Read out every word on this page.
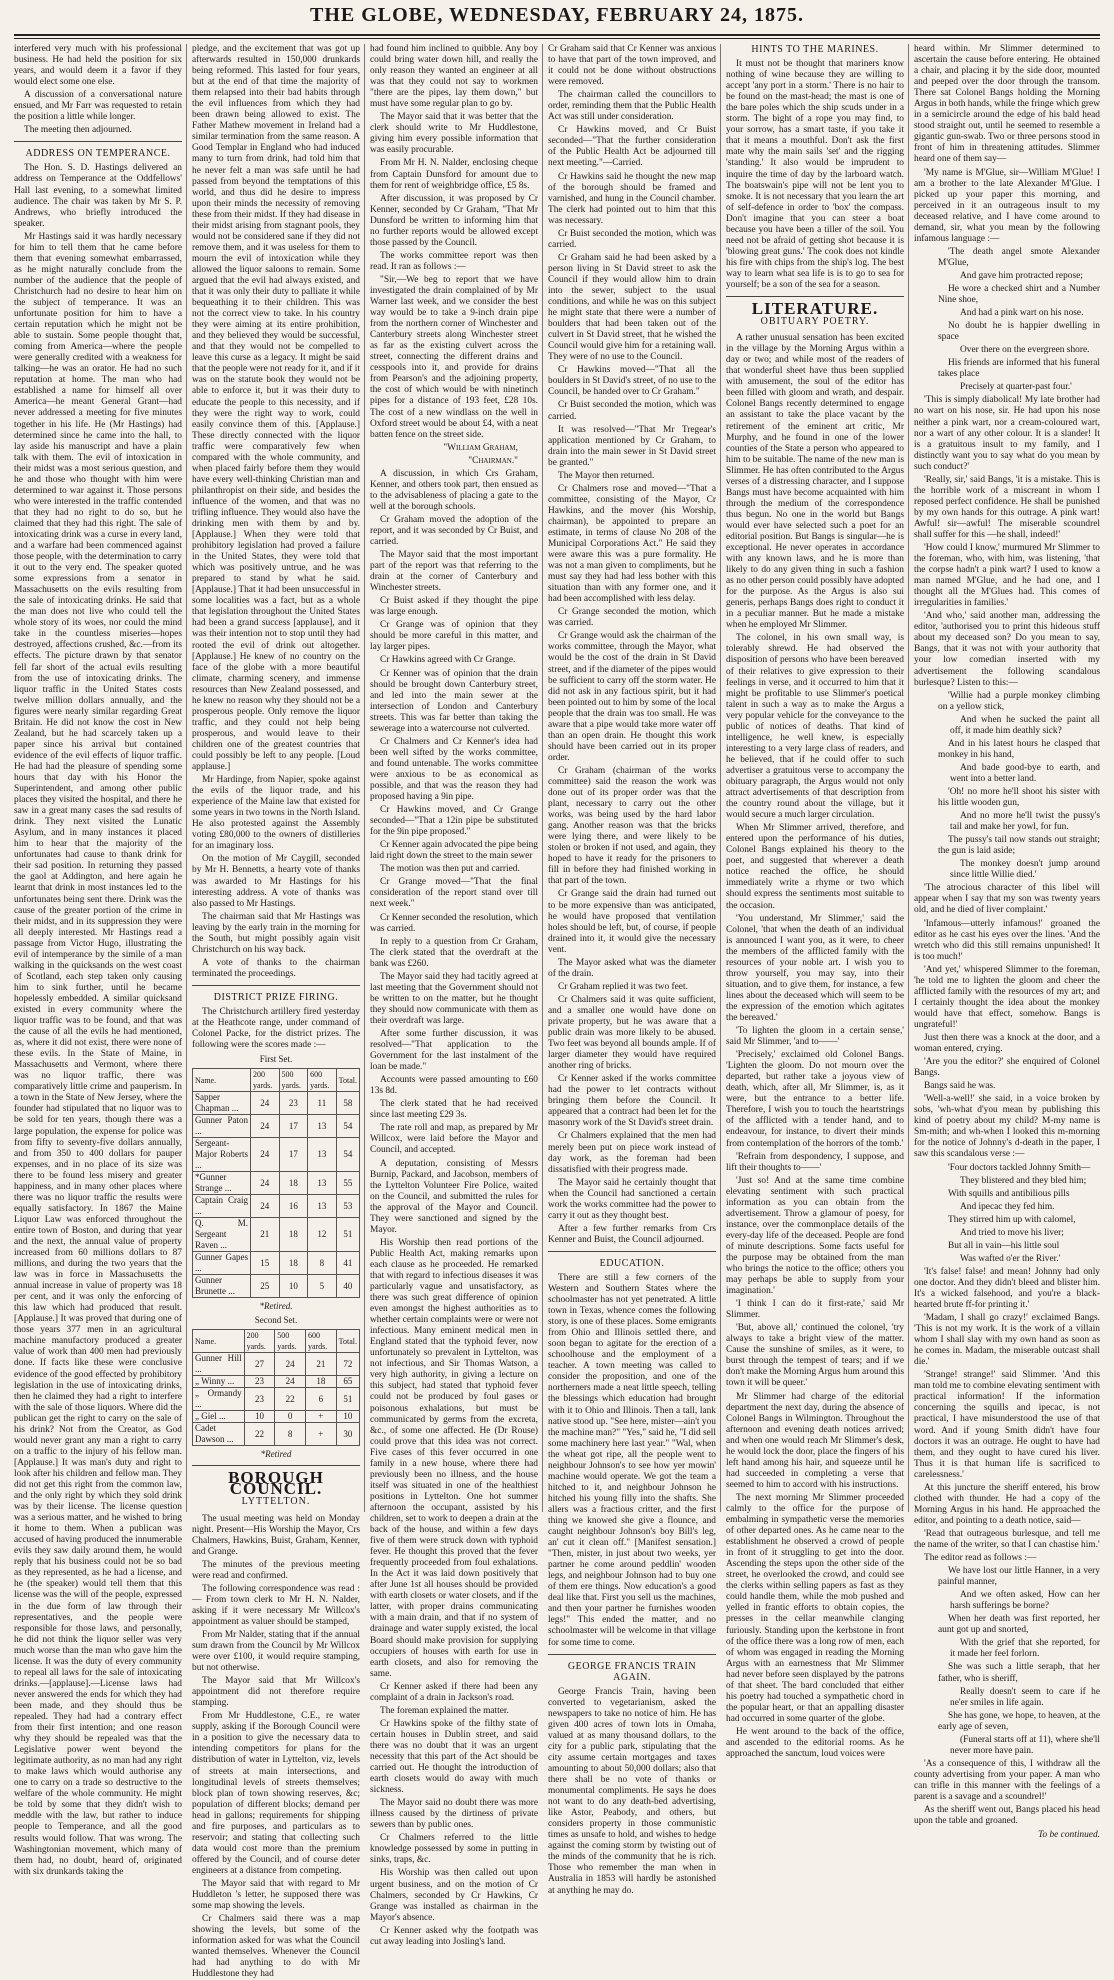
THE GLOBE, WEDNESDAY, FEBRUARY 24, 1875.

interfered very much with his professional business. He had held the position for six years, and would deem it a favor if they would elect some one else.

A discussion of a conversational nature ensued, and Mr Farr was requested to retain the position a little while longer.

The meeting then adjourned.

ADDRESS ON TEMPERANCE.

The Hon. S. D. Hastings delivered an address on Temperance at the Oddfellows' Hall last evening, to a somewhat limited audience. The chair was taken by Mr S. P. Andrews, who briefly introduced the speaker.

Mr Hastings said it was hardly necessary for him to tell them that he came before them that evening somewhat embarrassed, as he might naturally conclude from the number of the audience that the people of Christchurch had no desire to hear him on the subject of temperance. It was an unfortunate position for him to have a certain reputation which he might not be able to sustain. Some people thought that, coming from America—where the people were generally credited with a weakness for talking—he was an orator. He had no such reputation at home. The man who had established a name for himself all over America—he meant General Grant—had never addressed a meeting for five minutes together in his life. He (Mr Hastings) had determined since he came into the hall, to lay aside his manuscript and have a plain talk with them. The evil of intoxication in their midst was a most serious question, and he and those who thought with him were determined to war against it. Those persons who were interested in the traffic contended that they had no right to do so, but he claimed that they had this right. The sale of intoxicating drink was a curse in every land, and a warfare had been commenced against those people, with the determination to carry it out to the very end. The speaker quoted some expressions from a senator in Massachusetts on the evils resulting from the sale of intoxicating drinks. He said that the man does not live who could tell the whole story of its woes, nor could the mind take in the countless miseries—hopes destroyed, affections crushed, &c.—from its effects. The picture drawn by that senator fell far short of the actual evils resulting from the use of intoxicating drinks. The liquor traffic in the United States costs twelve million dollars annually, and the figures were nearly similar regarding Great Britain. He did not know the cost in New Zealand, but he had scarcely taken up a paper since his arrival but contained evidence of the evil effects of liquor traffic. He had had the pleasure of spending some hours that day with his Honor the Superintendent, and among other public places they visited the hospital, and there he saw in a great many cases the sad results of drink. They next visited the Lunatic Asylum, and in many instances it placed him to hear that the majority of the unfortunates had cause to thank drink for their sad position. In returning they passed the gaol at Addington, and here again he learnt that drink in most instances led to the unfortunates being sent there. Drink was the cause of the greater portion of the crime in their midst, and in its suppression they were all deeply interested. Mr Hastings read a passage from Victor Hugo, illustrating the evil of intemperance by the simile of a man walking in the quicksands on the west coast of Scotland, each step taken only causing him to sink further, until he became hopelessly embedded. A similar quicksand existed in every community where the liquor traffic was to be found, and that was the cause of all the evils he had mentioned, as, where it did not exist, there were none of these evils. In the State of Maine, in Massachusetts and Vermont, where there was no liquor traffic, there was comparatively little crime and pauperism. In a town in the State of New Jersey, where the founder had stipulated that no liquor was to be sold for ten years, though there was a large population, the expense for police was from fifty to seventy-five dollars annually, and from 350 to 400 dollars for pauper expenses, and in no place of its size was there to be found less misery and greater happiness, and in many other places where there was no liquor traffic the results were equally satisfactory. In 1867 the Maine Liquor Law was enforced throughout the entire town of Boston, and during that year and the next, the annual value of property increased from 60 millions dollars to 87 millions, and during the two years that the law was in force in Massachusetts the annual increase in value of property was 18 per cent, and it was only the enforcing of this law which had produced that result. [Applause.] It was proved that during one of those years 377 men in an agricultural machine manufactory produced a greater value of work than 400 men had previously done. If facts like these were conclusive evidence of the good effected by prohibitory legislation in the use of intoxicating drinks, then he claimed they had a right to interfere with the sale of those liquors. Where did the publican get the right to carry on the sale of his drink? Not from the Creator, as God would never grant any man a right to carry on a traffic to the injury of his fellow man. [Applause.] It was man's duty and right to look after his children and fellow man. They did not get this right from the common law, and the only right by which they sold drink was by their license. The license question was a serious matter, and he wished to bring it home to them. When a publican was accused of having produced the innumerable evils they saw daily around them, he would reply that his business could not be so bad as they represented, as he had a license, and he (the speaker) would tell them that this license was the will of the people, expressed in the due form of law through their representatives, and the people were responsible for those laws, and personally, he did not think the liquor seller was very much worse than the man who gave him the license. It was the duty of every community to repeal all laws for the sale of intoxicating drinks.—[applause].—License laws had never answered the ends for which they had been made, and they should thus be repealed. They had had a contrary effect from their first intention; and one reason why they should be repealed was that the Legislative power went beyond the legitimate authority, as no man had any right to make laws which would authorise any one to carry on a trade so destructive to the welfare of the whole community. He might be told by some that they didn't wish to meddle with the law, but rather to induce people to Temperance, and all the good results would follow. That was wrong. The Washingtonian movement, which many of them had, no doubt, heard of, originated with six drunkards taking the

pledge, and the excitement that was got up afterwards resulted in 150,000 drunkards being reformed. This lasted for four years, but at the end of that time the majority of them relapsed into their bad habits through the evil influences from which they had been drawn being allowed to exist. The Father Mathew movement in Ireland had a similar termination from the same reason. A Good Templar in England who had induced many to turn from drink, had told him that he never felt a man was safe until he had passed from beyond the temptations of this world, and thus did he desire to impress upon their minds the necessity of removing these from their midst. If they had disease in their midst arising from stagnant pools, they would not be considered sane if they did not remove them, and it was useless for them to mourn the evil of intoxication while they allowed the liquor saloons to remain. Some argued that the evil had always existed, and that it was only their duty to palliate it while bequeathing it to their children. This was not the correct view to take. In his country they were aiming at its entire prohibition, and they believed they would be successful, and that they would not be compelled to leave this curse as a legacy. It might be said that the people were not ready for it, and if it was on the statute book they would not be able to enforce it, but it was their duty to educate the people to this necessity, and if they were the right way to work, could easily convince them of this. [Applause.] These directly connected with the liquor traffic were comparatively few when compared with the whole community, and when placed fairly before them they would have every well-thinking Christian man and philanthropist on their side, and besides the influence of the women, and that was no trifling influence. They would also have the drinking men with them by and by. [Applause.] When they were told that prohibitory legislation had proved a failure in the United States, they were told that which was positively untrue, and he was prepared to stand by what he said. [Applause.] That it had been unsuccessful in some localities was a fact, but as a whole that legislation throughout the United States had been a grand success [applause], and it was their intention not to stop until they had rooted the evil of drink out altogether. [Applause.] He knew of no country on the face of the globe with a more beautiful climate, charming scenery, and immense resources than New Zealand possessed, and he knew no reason why they should not be a prosperous people. Only remove the liquor traffic, and they could not help being prosperous, and would leave to their children one of the greatest countries that could possibly be left to any people. [Loud applause.]

Mr Hardinge, from Napier, spoke against the evils of the liquor trade, and his experience of the Maine law that existed for some years in two towns in the North Island. He also protested against the Assembly voting £80,000 to the owners of distilleries for an imaginary loss.

On the motion of Mr Caygill, seconded by Mr H. Bennetts, a hearty vote of thanks was awarded to Mr Hastings for his interesting address. A vote of thanks was also passed to Mr Hastings.

The chairman said that Mr Hastings was leaving by the early train in the morning for the South, but might possibly again visit Christchurch on his way back.

A vote of thanks to the chairman terminated the proceedings.

DISTRICT PRIZE FIRING.

The Christchurch artillery fired yesterday at the Heathcote range, under command of Colonel Packe, for the district prizes. The following were the scores made :—

First Set.
Name.	200 yards.	500 yards.	600 yards.	Total.
Sapper Chapman ...	24	23	11	58
Gunner Paton ...	24	17	13	54
Sergeant-Major Roberts ...	24	17	13	54
*Gunner Strange ...	24	18	13	55
Captain Craig ...	24	16	13	53
Q. M. Sergeant Raven ...	21	18	12	51
Gunner Gapes ...	15	18	8	41
Gunner Brunette ...	25	10	5	40
*Retired.
Second Set.
Name.	200 yards.	500 yards.	600 yards.	Total.
Gunner Hill ...	27	24	21	72
„ Winny ...	23	24	18	65
„ Ormandy ...	23	22	6	51
„ Giel ...	10	0	+	10
Cadet Dawson ...	22	8	+	30
*Retired
BOROUGH COUNCIL.
LYTTELTON.

The usual meeting was held on Monday night. Present—His Worship the Mayor, Crs Chalmers, Hawkins, Buist, Graham, Kenner, and Grange.

The minutes of the previous meeting were read and confirmed.

The following correspondence was read :— From town clerk to Mr H. N. Nalder, asking if it were necessary Mr Willcox's appointment as valuer should be stamped,

From Mr Nalder, stating that if the annual sum drawn from the Council by Mr Willcox were over £100, it would require stamping, but not otherwise.

The Mayor said that Mr Willcox's appointment did not therefore require stamping.

From Mr Huddlestone, C.E., re water supply, asking if the Borough Council were in a position to give the necessary data to intending competitors for plans for the distribution of water in Lyttelton, viz, levels of streets at main intersections, and longitudinal levels of streets themselves; block plan of town showing reserves, &c; population of different blocks; demand per head in gallons; requirements for shipping and fire purposes, and particulars as to reservoir; and stating that collecting such data would cost more than the premium offered by the Council, and of course deter engineers at a distance from competing.

The Mayor said that with regard to Mr Huddleton 's letter, he supposed there was some map showing the levels.

Cr Chalmers said there was a map showing the levels, but some of the information asked for was what the Council wanted themselves. Whenever the Council had had anything to do with Mr Huddlestone they had

had found him inclined to quibble. Any boy could bring water down hill, and really the only reason they wanted an engineer at all was that they could not say to workmen "there are the pipes, lay them down," but must have some regular plan to go by.

The Mayor said that it was better that the clerk should write to Mr Huddlestone, giving him every possible information that was easily procurable.

From Mr H. N. Nalder, enclosing cheque from Captain Dunsford for amount due to them for rent of weighbridge office, £5 8s.

After discussion, it was proposed by Cr Kenner, seconded by Cr Graham, "That Mr Dunsford be written to informing him that no further reports would be allowed except those passed by the Council.

The works committee report was then read. It ran as follows :—

"Sir,—We beg to report that we have investigated the drain complained of by Mr Warner last week, and we consider the best way would be to take a 9-inch drain pipe from the northern corner of Winchester and Canterbury streets along Winchester street as far as the existing culvert across the street, connecting the different drains and cesspools into it, and provide for drains from Pearson's and the adjoining property, the cost of which would be with ninetinch pipes for a distance of 193 feet, £28 10s. The cost of a new windlass on the well in Oxford street would be about £4, with a neat batten fence on the street side.

"William Graham,
"Chairman."

A discussion, in which Crs Graham, Kenner, and others took part, then ensued as to the advisableness of placing a gate to the well at the borough schools.

Cr Graham moved the adoption of the report, and it was seconded by Cr Buist, and carried.

The Mayor said that the most important part of the report was that referring to the drain at the corner of Canterbury and Winchester streets.

Cr Buist asked if they thought the pipe was large enough.

Cr Grange was of opinion that they should be more careful in this matter, and lay larger pipes.

Cr Hawkins agreed with Cr Grange.

Cr Kenner was of opinion that the drain should be brought down Canterbury street, and led into the main sewer at the intersection of London and Canterbury streets. This was far better than taking the sewerage into a watercourse not culverted.

Cr Chalmers and Cr Kenner's idea had been well sifted by the works committee, and found untenable. The works committee were anxious to be as economical as possible, and that was the reason they had proposed having a 9in pipe.

Cr Hawkins moved, and Cr Grange seconded—"That a 12in pipe be substituted for the 9in pipe proposed."

Cr Kenner again advocated the pipe being laid right down the street to the main sewer

The motion was then put and carried.

Cr Grange moved—"That the final consideration of the report stand over till next week."

Cr Kenner seconded the resolution, which was carried.

In reply to a question from Cr Graham, The clerk stated that the overdraft at the bank was £260.

The Mayor said they had tacitly agreed at last meeting that the Government should not be written to on the matter, but he thought they should now communicate with them as their overdraft was large.

After some further discussion, it was resolved—"That application to the Government for the last instalment of the loan be made."

Accounts were passed amounting to £60 13s 8d.

The clerk stated that he had received since last meeting £29 3s.

The rate roll and map, as prepared by Mr Willcox, were laid before the Mayor and Council, and accepted.

A deputation, consisting of Messrs Burnip, Packard, and Jacobson, members of the Lyttelton Volunteer Fire Police, waited on the Council, and submitted the rules for the approval of the Mayor and Council. They were sanctioned and signed by the Mayor.

His Worship then read portions of the Public Health Act, making remarks upon each clause as he proceeded. He remarked that with regard to infectious diseases it was particularly vague and unsatisfactory, as there was such great difference of opinion even amongst the highest authorities as to whether certain complaints were or were not infectious. Many eminent medical men in England stated that the typhoid fever, now unfortunately so prevalent in Lyttelton, was not infectious, and Sir Thomas Watson, a very high authority, in giving a lecture on this subject, had stated that typhoid fever could not be produced by foul gases or poisonous exhalations, but must be communicated by germs from the excreta, &c., of some one affected. He (Dr Rouse) could prove that this idea was not correct. Five cases of this fever occurred in one family in a new house, where there had previously been no illness, and the house itself was situated in one of the healthiest positions in Lyttelton. One hot summer afternoon the occupant, assisted by his children, set to work to deepen a drain at the back of the house, and within a few days five of them were struck down with typhoid fever. He thought this proved that the fever frequently proceeded from foul exhalations. In the Act it was laid down positively that after June 1st all houses should be provided with earth closets or water closets, and if the latter, with proper drains communicating with a main drain, and that if no system of drainage and water supply existed, the local Board should make provision for supplying occupiers of houses with earth for use in earth closets, and also for removing the same.

Cr Kenner asked if there had been any complaint of a drain in Jackson's road.

The foreman explained the matter.

Cr Hawkins spoke of the filthy state of certain houses in Dublin street, and said there was no doubt that it was an urgent necessity that this part of the Act should be carried out. He thought the introduction of earth closets would do away with much sickness.

The Mayor said no doubt there was more illness caused by the dirtiness of private sewers than by public ones.

Cr Chalmers referred to the little knowledge possessed by some in putting in sinks, traps, &c.

His Worship was then called out upon urgent business, and on the motion of Cr Chalmers, seconded by Cr Hawkins, Cr Grange was installed as chairman in the Mayor's absence.

Cr Kenner asked why the footpath was cut away leading into Josling's land.

Cr Graham said that Cr Kenner was anxious to have that part of the town improved, and it could not be done without obstructions were removed.

The chairman called the councillors to order, reminding them that the Public Health Act was still under consideration.

Cr Hawkins moved, and Cr Buist seconded—"That the further consideration of the Public Health Act be adjourned till next meeting."—Carried.

Cr Hawkins said he thought the new map of the borough should be framed and varnished, and hung in the Council chamber. The clerk had pointed out to him that this was necessary.

Cr Buist seconded the motion, which was carried.

Cr Graham said he had been asked by a person living in St David street to ask the Council if they would allow him to drain into the sewer, subject to the usual conditions, and while he was on this subject he might state that there were a number of boulders that had been taken out of the culvert in St David street, that he wished the Council would give him for a retaining wall. They were of no use to the Council.

Cr Hawkins moved—"That all the boulders in St David's street, of no use to the Council, be handed over to Cr Graham."

Cr Buist seconded the motion, which was carried.

It was resolved—"That Mr Tregear's application mentioned by Cr Graham, to drain into the main sewer in St David street be granted."

The Mayor then returned.

Cr Chalmers rose and moved—"That a committee, consisting of the Mayor, Cr Hawkins, and the mover (his Worship, chairman), be appointed to prepare an estimate, in terms of clause No 208 of the Municipal Corporations Act." He said they were aware this was a pure formality. He was not a man given to compliments, but he must say they had had less bother with this situation than with any former one, and it had been accomplished with less delay.

Cr Grange seconded the motion, which was carried.

Cr Grange would ask the chairman of the works committee, through the Mayor, what would be the cost of the drain in St David street, and if the diameter of the pipes would be sufficient to carry off the storm water. He did not ask in any factious spirit, but it had been pointed out to him by some of the local people that the drain was too small. He was aware that a pipe would take more water off than an open drain. He thought this work should have been carried out in its proper order.

Cr Graham (chairman of the works committee) said the reason the work was done out of its proper order was that the plant, necessary to carry out the other works, was being used by the hard labor gang. Another reason was that the bricks were lying there, and were likely to be stolen or broken if not used, and again, they hoped to have it ready for the prisoners to fill in before they had finished working in that part of the town.

Cr Grange said the drain had turned out to be more expensive than was anticipated, he would have proposed that ventilation holes should be left, but, of course, if people drained into it, it would give the necessary vent.

The Mayor asked what was the diameter of the drain.

Cr Graham replied it was two feet.

Cr Chalmers said it was quite sufficient, and a smaller one would have done on private property, but he was aware that a public drain was more likely to be abused. Two feet was beyond all bounds ample. If of larger diameter they would have required another ring of bricks.

Cr Kenner asked if the works committee had the power to let contracts without bringing them before the Council. It appeared that a contract had been let for the masonry work of the St David's street drain.

Cr Chalmers explained that the men had merely been put on piece work instead of day work, as the foreman had been dissatisfied with their progress made.

The Mayor said he certainly thought that when the Council had sanctioned a certain work the works committee had the power to carry it out as they thought best.

After a few further remarks from Crs Kenner and Buist, the Council adjourned.

EDUCATION.

There are still a few corners of the Western and Southern States where the schoolmaster has not yet penetrated. A little town in Texas, whence comes the following story, is one of these places. Some emigrants from Ohio and Illinois settled there, and soon began to agitate for the erection of a schoolhouse and the employment of a teacher. A town meeting was called to consider the proposition, and one of the northerners made a neat little speech, telling the blessings which education had brought with it to Ohio and Illinois. Then a tall, lank native stood up. "See here, mister—ain't you the machine man?" "Yes," said he, "I did sell some machinery here last year." "Wal, when the wheat got ripe, all the people went to neighbour Johnson's to see how yer mowin' machine would operate. We got the team a hitched to it, and neighbour Johnson he hitched his young filly into the shafts. She allers was a fractious critter, and the first thing we knowed she give a flounce, and caught neighbour Johnson's boy Bill's leg, an' cut it clean off." [Manifest sensation.] "Then, mister, in just about two weeks, yer partner he come around peddlin' wooden legs, and neighbour Johnson had to buy one of them ere things. Now education's a good deal like that. First you sell us the machines, and then your partner he furnishes wooden legs!" This ended the matter, and no schoolmaster will be welcome in that village for some time to come.

GEORGE FRANCIS TRAIN AGAIN.

George Francis Train, having been converted to vegetarianism, asked the newspapers to take no notice of him. He has given 400 acres of town lots in Omaha, valued at as many thousand dollars, to the city for a public park, stipulating that the city assume certain mortgages and taxes amounting to about 50,000 dollars; also that there shall be no vote of thanks or monumental compliments. He says he does not want to do any death-bed advertising, like Astor, Peabody, and others, but considers property in those communistic times as unsafe to hold, and wishes to hedge against the coming storm by twisting out of the minds of the community that he is rich. Those who remember the man when in Australia in 1853 will hardly be astonished at anything he may do.

HINTS TO THE MARINES.

It must not be thought that mariners know nothing of wine because they are willing to accept 'any port in a storm.' There is no hair to be found on the mast-head; the mast is one of the bare poles which the ship scuds under in a storm. The bight of a rope you may find, to your sorrow, has a smart taste, if you take it that it means a mouthful. Don't ask the first mate why the main sails 'set' and the rigging 'standing.' It also would be imprudent to inquire the time of day by the larboard watch. The boatswain's pipe will not be lent you to smoke. It is not necessary that you learn the art of self-defence in order to 'box' the compass. Don't imagine that you can steer a boat because you have been a tiller of the soil. You need not be afraid of getting shot because it is 'blowing great guns.' The cook does not kindle his fire with chips from the ship's log. The best way to learn what sea life is is to go to sea for yourself; be a son of the sea for a season.

LITERATURE.
OBITUARY POETRY.

A rather unusual sensation has been excited in the village by the Morning Argus within a day or two; and while most of the readers of that wonderful sheet have thus been supplied with amusement, the soul of the editor has been filled with gloom and wrath, and despair. Colonel Bangs recently determined to engage an assistant to take the place vacant by the retirement of the eminent art critic, Mr Murphy, and he found in one of the lower counties of the State a person who appeared to him to be suitable. The name of the new man is Slimmer. He has often contributed to the Argus verses of a distressing character, and I suppose Bangs must have become acquainted with him through the medium of the correspondence thus begun. No one in the world but Bangs would ever have selected such a poet for an editorial position. But Bangs is singular—he is exceptional. He never operates in accordance with any known laws, and he is more than likely to do any given thing in such a fashion as no other person could possibly have adopted for the purpose. As the Argus is also sui generis, perhaps Bangs does right to conduct it in a peculiar manner. But he made a mistake when he employed Mr Slimmer.

The colonel, in his own small way, is tolerably shrewd. He had observed the disposition of persons who have been bereaved of their relatives to give expression to their feelings in verse, and it occurred to him that it might be profitable to use Slimmer's poetical talent in such a way as to make the Argus a very popular vehicle for the conveyance to the public of notices of deaths. That kind of intelligence, he well knew, is especially interesting to a very large class of readers, and he believed, that if he could offer to such advertiser a gratuitous verse to accompany the obituary paragraph, the Argus would not only attract advertisements of that description from the country round about the village, but it would secure a much larger circulation.

When Mr Slimmer arrived, therefore, and entered upon the performance of his duties, Colonel Bangs explained his theory to the poet, and suggested that wherever a death notice reached the office, he should immediately write a rhyme or two which should express the sentiments most suitable to the occasion.

'You understand, Mr Slimmer,' said the Colonel, 'that when the death of an individual is announced I want you, as it were, to cheer the members of the afflicted family with the resources of your noble art. I wish you to throw yourself, you may say, into their situation, and to give them, for instance, a few lines about the deceased which will seem to be the expression of the emotion which agitates the bereaved.'

'To lighten the gloom in a certain sense,' said Mr Slimmer, 'and to——'

'Precisely,' exclaimed old Colonel Bangs. 'Lighten the gloom. Do not mourn over the departed, but rather take a joyous view of death, which, after all, Mr Slimmer, is, as it were, but the entrance to a better life. Therefore, I wish you to touch the heartstrings of the afflicted with a tender hand, and to endeavour, for instance, to divert their minds from contemplation of the horrors of the tomb.'

'Refrain from despondency, I suppose, and lift their thoughts to——'

'Just so! And at the same time combine elevating sentiment with such practical information as you can obtain from the advertisement. Throw a glamour of poesy, for instance, over the commonplace details of the every-day life of the deceased. People are fond of minute descriptions. Some facts useful for the purpose may be obtained from the man who brings the notice to the office; others you may perhaps be able to supply from your imagination.'

'I think I can do it first-rate,' said Mr Slimmer.

'But, above all,' continued the colonel, 'try always to take a bright view of the matter. Cause the sunshine of smiles, as it were, to burst through the tempest of tears; and if we don't make the Morning Argus hum around this town it will be queer.'

Mr Slimmer had charge of the editorial department the next day, during the absence of Colonel Bangs in Wilmington. Throughout the afternoon and evening death notices arrived; and when one would reach Mr Slimmer's desk, he would lock the door, place the fingers of his left hand among his hair, and squeeze until he had succeeded in completing a verse that seemed to him to accord with his instructions.

The next morning Mr Slimmer proceeded calmly to the office for the purpose of embalming in sympathetic verse the memories of other departed ones. As he came near to the establishment he observed a crowd of people in front of it struggling to get into the door. Ascending the steps upon the other side of the street, he overlooked the crowd, and could see the clerks within selling papers as fast as they could handle them, while the mob pushed and yelled in frantic efforts to obtain copies, the presses in the cellar meanwhile clanging furiously. Standing upon the kerbstone in front of the office there was a long row of men, each of whom was engaged in reading the Morning Argus with an earnestness that Mr Slimmer had never before seen displayed by the patrons of that sheet. The bard concluded that either his poetry had touched a sympathetic chord in the popular heart, or that an appalling disaster had occurred in some quarter of the globe.

He went around to the back of the office, and ascended to the editorial rooms. As he approached the sanctum, loud voices were

heard within. Mr Slimmer determined to ascertain the cause before entering. He obtained a chair, and placing it by the side door, mounted and peeped over the door through the transom. There sat Colonel Bangs holding the Morning Argus in both hands, while the fringe which grew in a semicircle around the edge of his bald head stood straight out, until he seemed to resemble a gigantic gun-swab. Two or three persons stood in front of him in threatening attitudes. Slimmer heard one of them say—

'My name is M'Glue, sir—William M'Glue! I am a brother to the late Alexander M'Glue. I picked up your paper this morning, and perceived in it an outrageous insult to my deceased relative, and I have come around to demand, sir, what you mean by the following infamous language :—

'The death angel smote Alexander M'Glue,

And gave him protracted repose;

He wore a checked shirt and a Number Nine shoe,

And had a pink wart on his nose.

No doubt he is happier dwelling in space

Over there on the evergreen shore.

His friends are informed that his funeral takes place

Precisely at quarter-past four.'

'This is simply diabolical! My late brother had no wart on his nose, sir. He had upon his nose neither a pink wart, nor a cream-coloured wart, nor a wart of any other colour. It is a slander! It is a gratuitous insult to my family, and I distinctly want you to say what do you mean by such conduct?'

'Really, sir,' said Bangs, 'it is a mistake. This is the horrible work of a miscreant in whom I reposed perfect confidence. He shall be punished by my own hands for this outrage. A pink wart! Awful! sir—awful! The miserable scoundrel shall suffer for this —he shall, indeed!'

'How could I know,' murmured Mr Slimmer to the foreman, who, with him, was listening, 'that the corpse hadn't a pink wart? I used to know a man named M'Glue, and he had one, and I thought all the M'Glues had. This comes of irregularities in families.'

'And who,' said another man, addressing the editor, 'authorised you to print this hideous stuff about my deceased son? Do you mean to say, Bangs, that it was not with your authority that your low comedian inserted with my advertisement the following scandalous burlesque? Listen to this:—

'Willie had a purple monkey climbing on a yellow stick,

And when he sucked the paint all off, it made him deathly sick?

And in his latest hours he clasped that monkey in his hand,

And bade good-bye to earth, and went into a better land.

'Oh! no more he'll shoot his sister with his little wooden gun,

And no more he'll twist the pussy's tail and make her yowl, for fun.

The pussy's tail now stands out straight; the gun is laid aside;

The monkey doesn't jump around since little Willie died.'

'The atrocious character of this libel will appear when I say that my son was twenty years old, and he died of liver complaint.'

'Infamous—utterly infamous!' groaned the editor as he cast his eyes over the lines. 'And the wretch who did this still remains unpunished! It is too much!'

'And yet,' whispered Slimmer to the foreman, 'he told me to lighten the gloom and cheer the afflicted family with the resources of my art; and I certainly thought the idea about the monkey would have that effect, somehow. Bangs is ungrateful!'

Just then there was a knock at the door, and a woman entered, crying.

'Are you the editor?' she enquired of Colonel Bangs.

Bangs said he was.

'Well-a-well!' she said, in a voice broken by sobs, 'wh-what d'you mean by publishing this kind of poetry about my child? M-my name is Sm-mith; and wh-when I looked this m-morning for the notice of Johnny's d-death in the paper, I saw this scandalous verse :—

'Four doctors tackled Johnny Smith—

They blistered and they bled him;

With squills and antibilious pills

And ipecac they fed him.

They stirred him up with calomel,

And tried to move his liver;

But all in vain—his little soul

Was wafted o'er the River.'

'It's false! false! and mean! Johnny had only one doctor. And they didn't bleed and blister him. It's a wicked falsehood, and you're a black-hearted brute ff-for printing it.'

'Madam, I shall go crazy!' exclaimed Bangs. 'This is not my work. It is the work of a villain whom I shall slay with my own hand as soon as he comes in. Madam, the miserable outcast shall die.'

'Strange! strange!' said Slimmer. 'And this man told me to combine elevating sentiment with practical information! If the information concerning the squills and ipecac, is not practical, I have misunderstood the use of that word. And if young Smith didn't have four doctors it was an outrage. He ought to have had them, and they ought to have cured his liver. Thus it is that human life is sacrificed to carelessness.'

At this juncture the sheriff entered, his brow clothed with thunder. He had a copy of the Morning Argus in his hand. He approached the editor, and pointing to a death notice, said—

'Read that outrageous burlesque, and tell me the name of the writer, so that I can chastise him.'

The editor read as follows :—

We have lost our little Hanner, in a very painful manner,

And we often asked, How can her harsh sufferings be borne?

When her death was first reported, her aunt got up and snorted,

With the grief that she reported, for it made her feel forlorn.

She was such a little seraph, that her father, who is sheriff,

Really doesn't seem to care if he ne'er smiles in life again.

She has gone, we hope, to heaven, at the early age of seven,

(Funeral starts off at 11), where she'll never more have pain.

'As a consequence of this, I withdraw all the county advertising from your paper. A man who can trifle in this manner with the feelings of a parent is a savage and a scoundrel!'

As the sheriff went out, Bangs placed his head upon the table and groaned.

To be continued.
